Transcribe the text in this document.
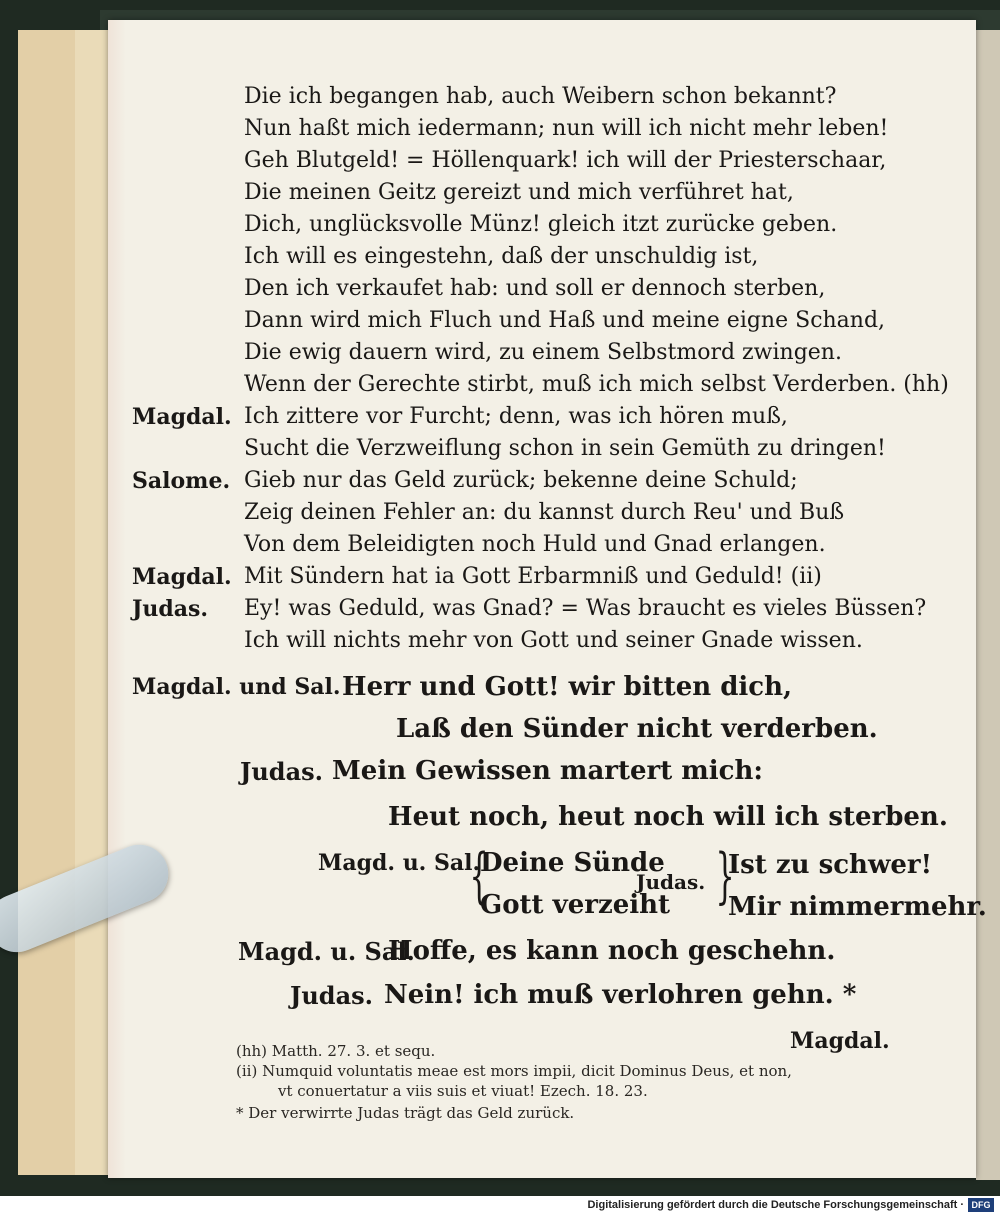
Die ich begangen hab, auch Weibern schon bekannt?
Nun haßt mich iedermann; nun will ich nicht mehr leben!
Geh Blutgeld! = Höllenquark! ich will der Priesterschaar,
Die meinen Geitz gereizt und mich verführet hat,
Dich, unglücksvolle Münz! gleich itzt zurücke geben.
Ich will es eingestehn, daß der unschuldig ist,
Den ich verkaufet hab: und soll er dennoch sterben,
Dann wird mich Fluch und Haß und meine eigne Schand,
Die ewig dauern wird, zu einem Selbstmord zwingen.
Wenn der Gerechte stirbt, muß ich mich selbst Verderben. (hh)
Magdal. Ich zittere vor Furcht; denn, was ich hören muß,
Sucht die Verzweiflung schon in sein Gemüth zu dringen!
Salome. Gieb nur das Geld zurück; bekenne deine Schuld;
Zeig deinen Fehler an: du kannst durch Reu' und Buß
Von dem Beleidigten noch Huld und Gnad erlangen.
Magdal. Mit Sündern hat ia Gott Erbarmniß und Geduld! (ii)
Judas. Ey! was Geduld, was Gnad? = Was braucht es vieles Büssen?
Ich will nichts mehr von Gott und seiner Gnade wissen.
Magdal. und Sal. Herr und Gott! wir bitten dich,
Laß den Sünder nicht verderben.
Judas. Mein Gewissen martert mich:
Heut noch, heut noch will ich sterben.
Magd. u. Sal.
{
Deine Sünde
Gott verzeiht
Judas. }
Ist zu schwer!
Mir nimmermehr.
Magd. u. Sal.
Hoffe, es kann noch geschehn.
Judas. Nein! ich muß verlohren gehn. *
Magdal.
(hh) Matth. 27. 3. et sequ.
(ii) Numquid voluntatis meae est mors impii, dicit Dominus Deus, et non,
vt conuertatur a viis suis et viuat! Ezech. 18. 23.
* Der verwirrte Judas trägt das Geld zurück.
Digitalisierung gefördert durch die Deutsche Forschungsgemeinschaft · DFG
